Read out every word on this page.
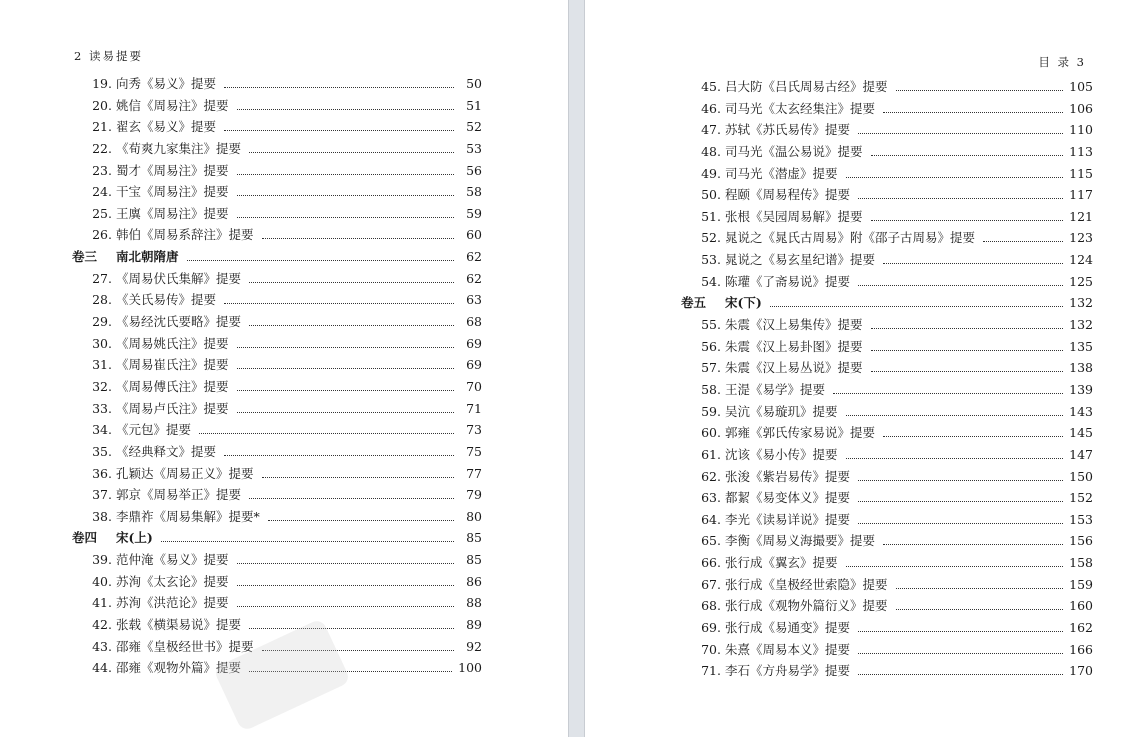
2 读易提要
19. 向秀《易义》提要	50
20. 姚信《周易注》提要	51
21. 翟玄《易义》提要	52
22. 《荀爽九家集注》提要	53
23. 蜀才《周易注》提要	56
24. 干宝《周易注》提要	58
25. 王廙《周易注》提要	59
26. 韩伯《周易系辞注》提要	60
卷三	南北朝隋唐	62
27. 《周易伏氏集解》提要	62
28. 《关氏易传》提要	63
29. 《易经沈氏要略》提要	68
30. 《周易姚氏注》提要	69
31. 《周易崔氏注》提要	69
32. 《周易傅氏注》提要	70
33. 《周易卢氏注》提要	71
34. 《元包》提要	73
35. 《经典释文》提要	75
36. 孔颖达《周易正义》提要	77
37. 郭京《周易举正》提要	79
38. 李鼎祚《周易集解》提要*	80
卷四	宋(上)	85
39. 范仲淹《易义》提要	85
40. 苏洵《太玄论》提要	86
41. 苏洵《洪范论》提要	88
42. 张载《横渠易说》提要	89
43. 邵雍《皇极经世书》提要	92
44. 邵雍《观物外篇》提要	100
目 录 3
45. 吕大防《吕氏周易古经》提要	105
46. 司马光《太玄经集注》提要	106
47. 苏轼《苏氏易传》提要	110
48. 司马光《温公易说》提要	113
49. 司马光《潜虚》提要	115
50. 程颐《周易程传》提要	117
51. 张根《吴园周易解》提要	121
52. 晁说之《晁氏古周易》附《邵子古周易》提要	123
53. 晁说之《易玄星纪谱》提要	124
54. 陈瓘《了斋易说》提要	125
卷五	宋(下)	132
55. 朱震《汉上易集传》提要	132
56. 朱震《汉上易卦图》提要	135
57. 朱震《汉上易丛说》提要	138
58. 王湜《易学》提要	139
59. 吴沆《易璇玑》提要	143
60. 郭雍《郭氏传家易说》提要	145
61. 沈该《易小传》提要	147
62. 张浚《紫岩易传》提要	150
63. 都絜《易变体义》提要	152
64. 李光《读易详说》提要	153
65. 李衡《周易义海撮要》提要	156
66. 张行成《翼玄》提要	158
67. 张行成《皇极经世索隐》提要	159
68. 张行成《观物外篇衍义》提要	160
69. 张行成《易通变》提要	162
70. 朱熹《周易本义》提要	166
71. 李石《方舟易学》提要	170
